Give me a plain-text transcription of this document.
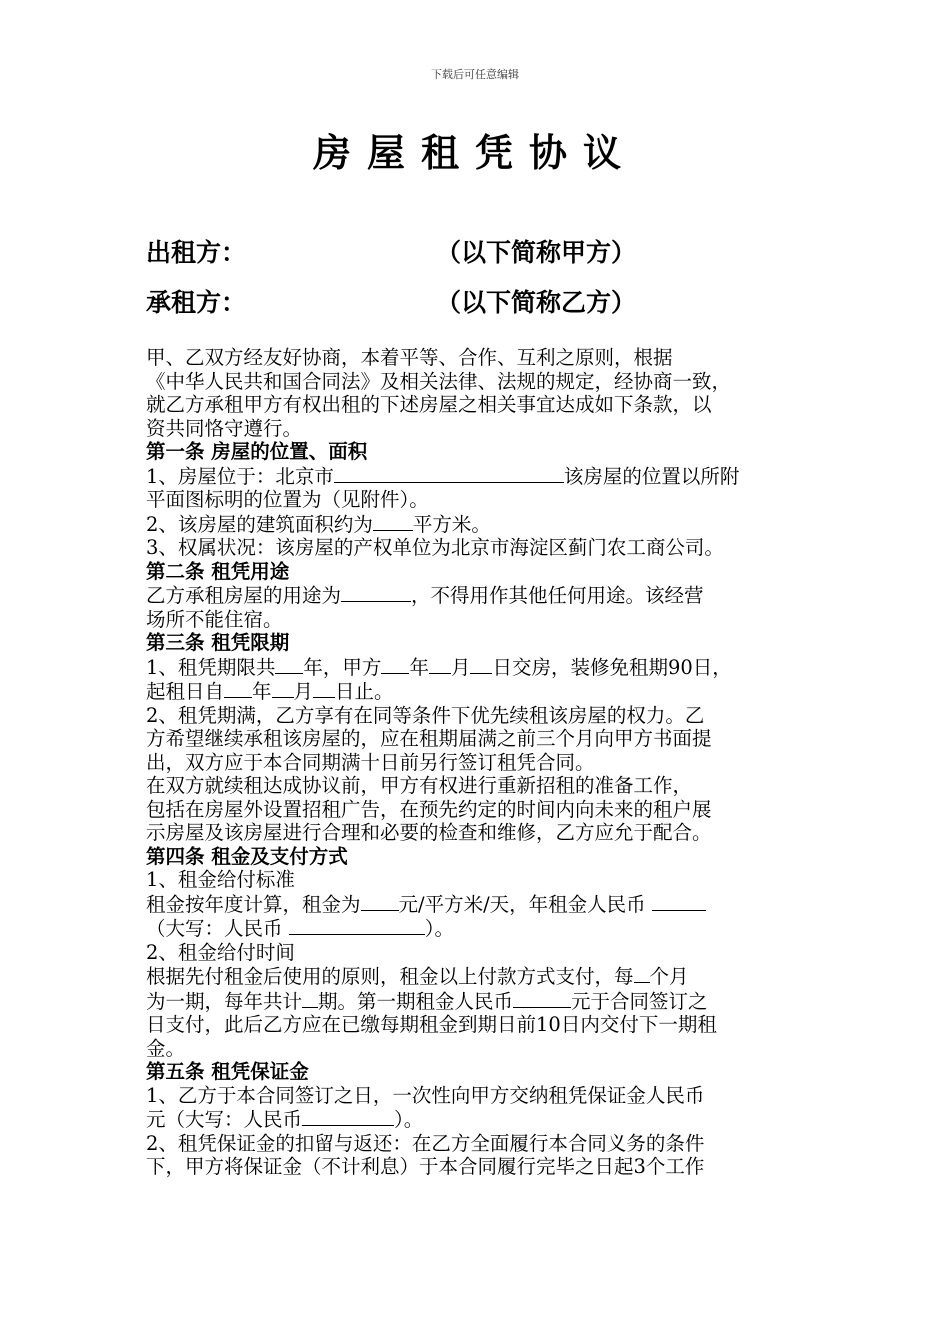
下载后可任意编辑
房屋租凭协议
出租方：	（以下简称甲方）
承租方：	（以下简称乙方）

甲、乙双方经友好协商，本着平等、合作、互利之原则，根据

《中华人民共和国合同法》及相关法律、法规的规定，经协商一致，

就乙方承租甲方有权出租的下述房屋之相关事宜达成如下条款，以

资共同恪守遵行。

第一条 房屋的位置、面积

1、房屋位于：北京市	该房屋的位置以所附

平面图标明的位置为（见附件）。

2、该房屋的建筑面积约为 平方米。

3、权属状况：该房屋的产权单位为北京市海淀区蓟门农工商公司。

第二条 租凭用途

乙方承租房屋的用途为	，不得用作其他任何用途。该经营

场所不能住宿。

第三条 租凭限期

1、租凭期限共 年，甲方 年 月 日交房，装修免租期90日，

起租日自 年 月 日止。

2、租凭期满，乙方享有在同等条件下优先续租该房屋的权力。乙

方希望继续承租该房屋的，应在租期届满之前三个月向甲方书面提

出，双方应于本合同期满十日前另行签订租凭合同。

在双方就续租达成协议前，甲方有权进行重新招租的准备工作，

包括在房屋外设置招租广告，在预先约定的时间内向未来的租户展

示房屋及该房屋进行合理和必要的检查和维修，乙方应允于配合。

第四条 租金及支付方式

1、租金给付标准

租金按年度计算，租金为 元/平方米/天，年租金人民币

（大写：人民币	）。

2、租金给付时间

根据先付租金后使用的原则，租金以上付款方式支付，每 个月

为一期，每年共计 期。第一期租金人民币	元于合同签订之

日支付，此后乙方应在已缴每期租金到期日前10日内交付下一期租

金。

第五条 租凭保证金

1、乙方于本合同签订之日，一次性向甲方交纳租凭保证金人民币

元（大写：人民币	）。

2、租凭保证金的扣留与返还：在乙方全面履行本合同义务的条件

下，甲方将保证金（不计利息）于本合同履行完毕之日起3个工作
